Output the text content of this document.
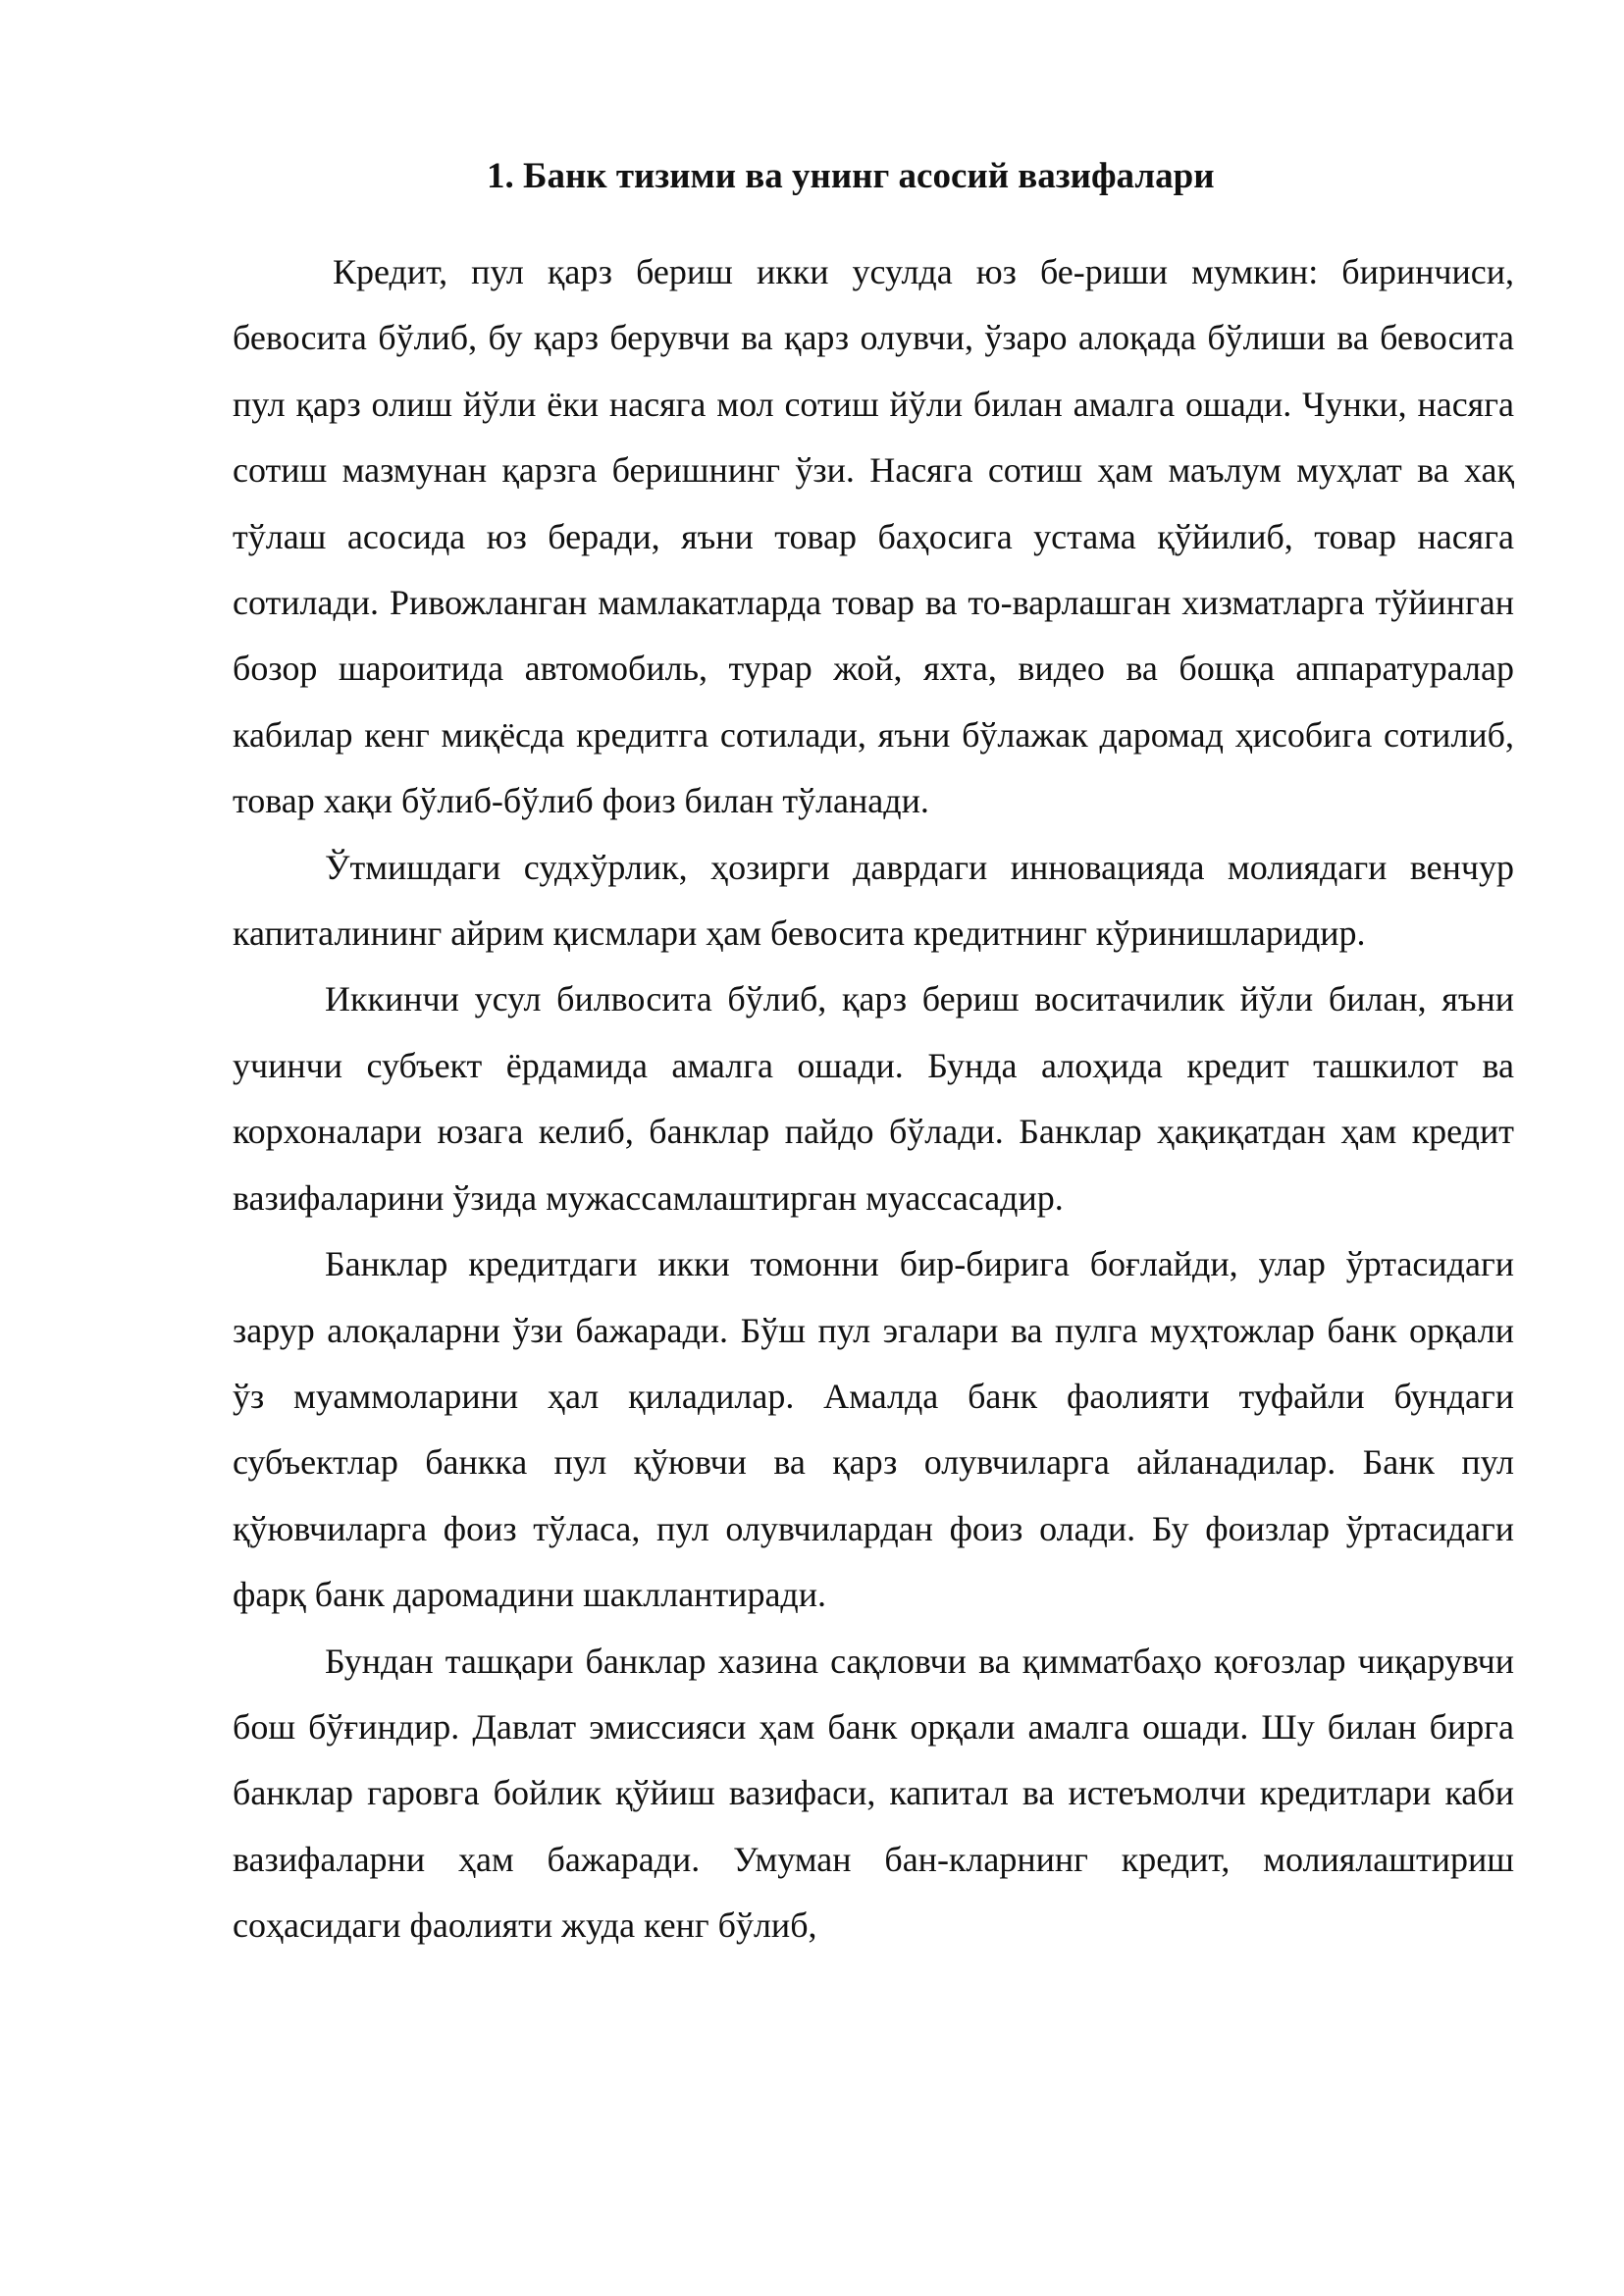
1. Банк тизими ва унинг асосий вазифалари

Кредит, пул қарз бериш икки усулда юз бе-риши мумкин: биринчиси, бевосита бўлиб, бу қарз берувчи ва қарз олувчи, ўзаро алоқада бўлиши ва бевосита пул қарз олиш йўли ёки насяга мол сотиш йўли билан амалга ошади. Чунки, насяга сотиш мазмунан қарзга беришнинг ўзи. Насяга сотиш ҳам маълум муҳлат ва хақ тўлаш асосида юз беради, яъни товар баҳосига устама қўйилиб, товар насяга сотилади. Ривожланган мамлакатларда товар ва то-варлашган хизматларга тўйинган бозор шароитида автомобиль, турар жой, яхта, видео ва бошқа аппаратуралар кабилар кенг миқёсда кредитга сотилади, яъни бўлажак даромад ҳисобига сотилиб, товар хақи бўлиб-бўлиб фоиз билан тўланади.

Ўтмишдаги судхўрлик, ҳозирги даврдаги инновацияда молиядаги венчур капиталининг айрим қисмлари ҳам бевосита кредитнинг кўринишларидир.

Иккинчи усул билвосита бўлиб, қарз бериш воситачилик йўли билан, яъни учинчи субъект ёрдамида амалга ошади. Бунда алоҳида кредит ташкилот ва корхоналари юзага келиб, банклар пайдо бўлади. Банклар ҳақиқатдан ҳам кредит вазифаларини ўзида мужассамлаштирган муассасадир.

Банклар кредитдаги икки томонни бир-бирига боғлайди, улар ўртасидаги зарур алоқаларни ўзи бажаради. Бўш пул эгалари ва пулга муҳтожлар банк орқали ўз муаммоларини ҳал қиладилар. Амалда банк фаолияти туфайли бундаги субъектлар банкка пул қўювчи ва қарз олувчиларга айланадилар. Банк пул қўювчиларга фоиз тўласа, пул олувчилардан фоиз олади. Бу фоизлар ўртасидаги фарқ банк даромадини шакллантиради.

Бундан ташқари банклар хазина сақловчи ва қимматбаҳо қоғозлар чиқарувчи бош бўғиндир. Давлат эмиссияси ҳам банк орқали амалга ошади. Шу билан бирга банклар гаровга бойлик қўйиш вазифаси, капитал ва истеъмолчи кредитлари каби вазифаларни ҳам бажаради. Умуман бан-кларнинг кредит, молиялаштириш соҳасидаги фаолияти жуда кенг бўлиб,
